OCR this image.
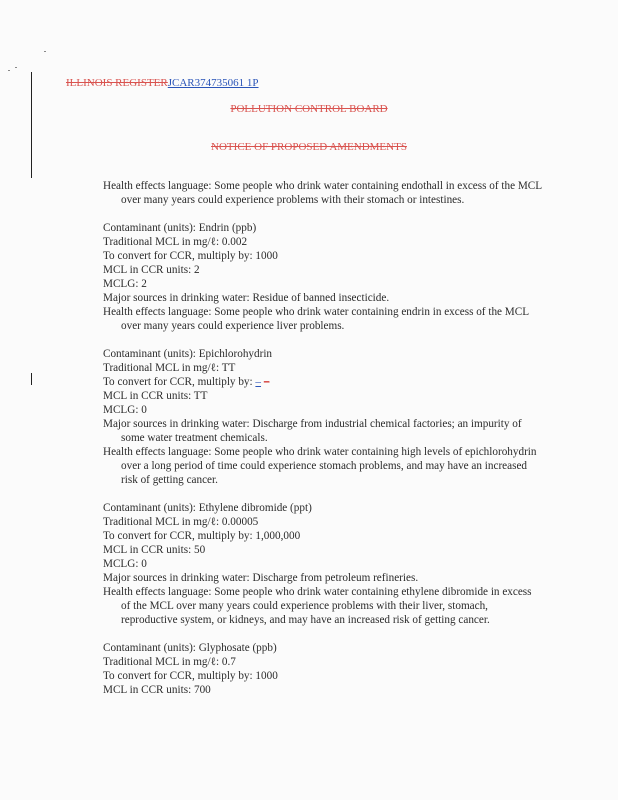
ILLINOIS REGISTERJCAR374735061 1P
POLLUTION CONTROL BOARD
NOTICE OF PROPOSED AMENDMENTS

Health effects language: Some people who drink water containing endothall in excess of the MCL over many years could experience problems with their stomach or intestines.

Contaminant (units): Endrin (ppb)

Traditional MCL in mg/ℓ: 0.002

To convert for CCR, multiply by: 1000

MCL in CCR units: 2

MCLG: 2

Major sources in drinking water: Residue of banned insecticide.

Health effects language: Some people who drink water containing endrin in excess of the MCL over many years could experience liver problems.

Contaminant (units): Epichlorohydrin

Traditional MCL in mg/ℓ: TT

To convert for CCR, multiply by: – –

MCL in CCR units: TT

MCLG: 0

Major sources in drinking water: Discharge from industrial chemical factories; an impurity of some water treatment chemicals.

Health effects language: Some people who drink water containing high levels of epichlorohydrin over a long period of time could experience stomach problems, and may have an increased risk of getting cancer.

Contaminant (units): Ethylene dibromide (ppt)

Traditional MCL in mg/ℓ: 0.00005

To convert for CCR, multiply by: 1,000,000

MCL in CCR units: 50

MCLG: 0

Major sources in drinking water: Discharge from petroleum refineries.

Health effects language: Some people who drink water containing ethylene dibromide in excess of the MCL over many years could experience problems with their liver, stomach, reproductive system, or kidneys, and may have an increased risk of getting cancer.

Contaminant (units): Glyphosate (ppb)

Traditional MCL in mg/ℓ: 0.7

To convert for CCR, multiply by: 1000

MCL in CCR units: 700
